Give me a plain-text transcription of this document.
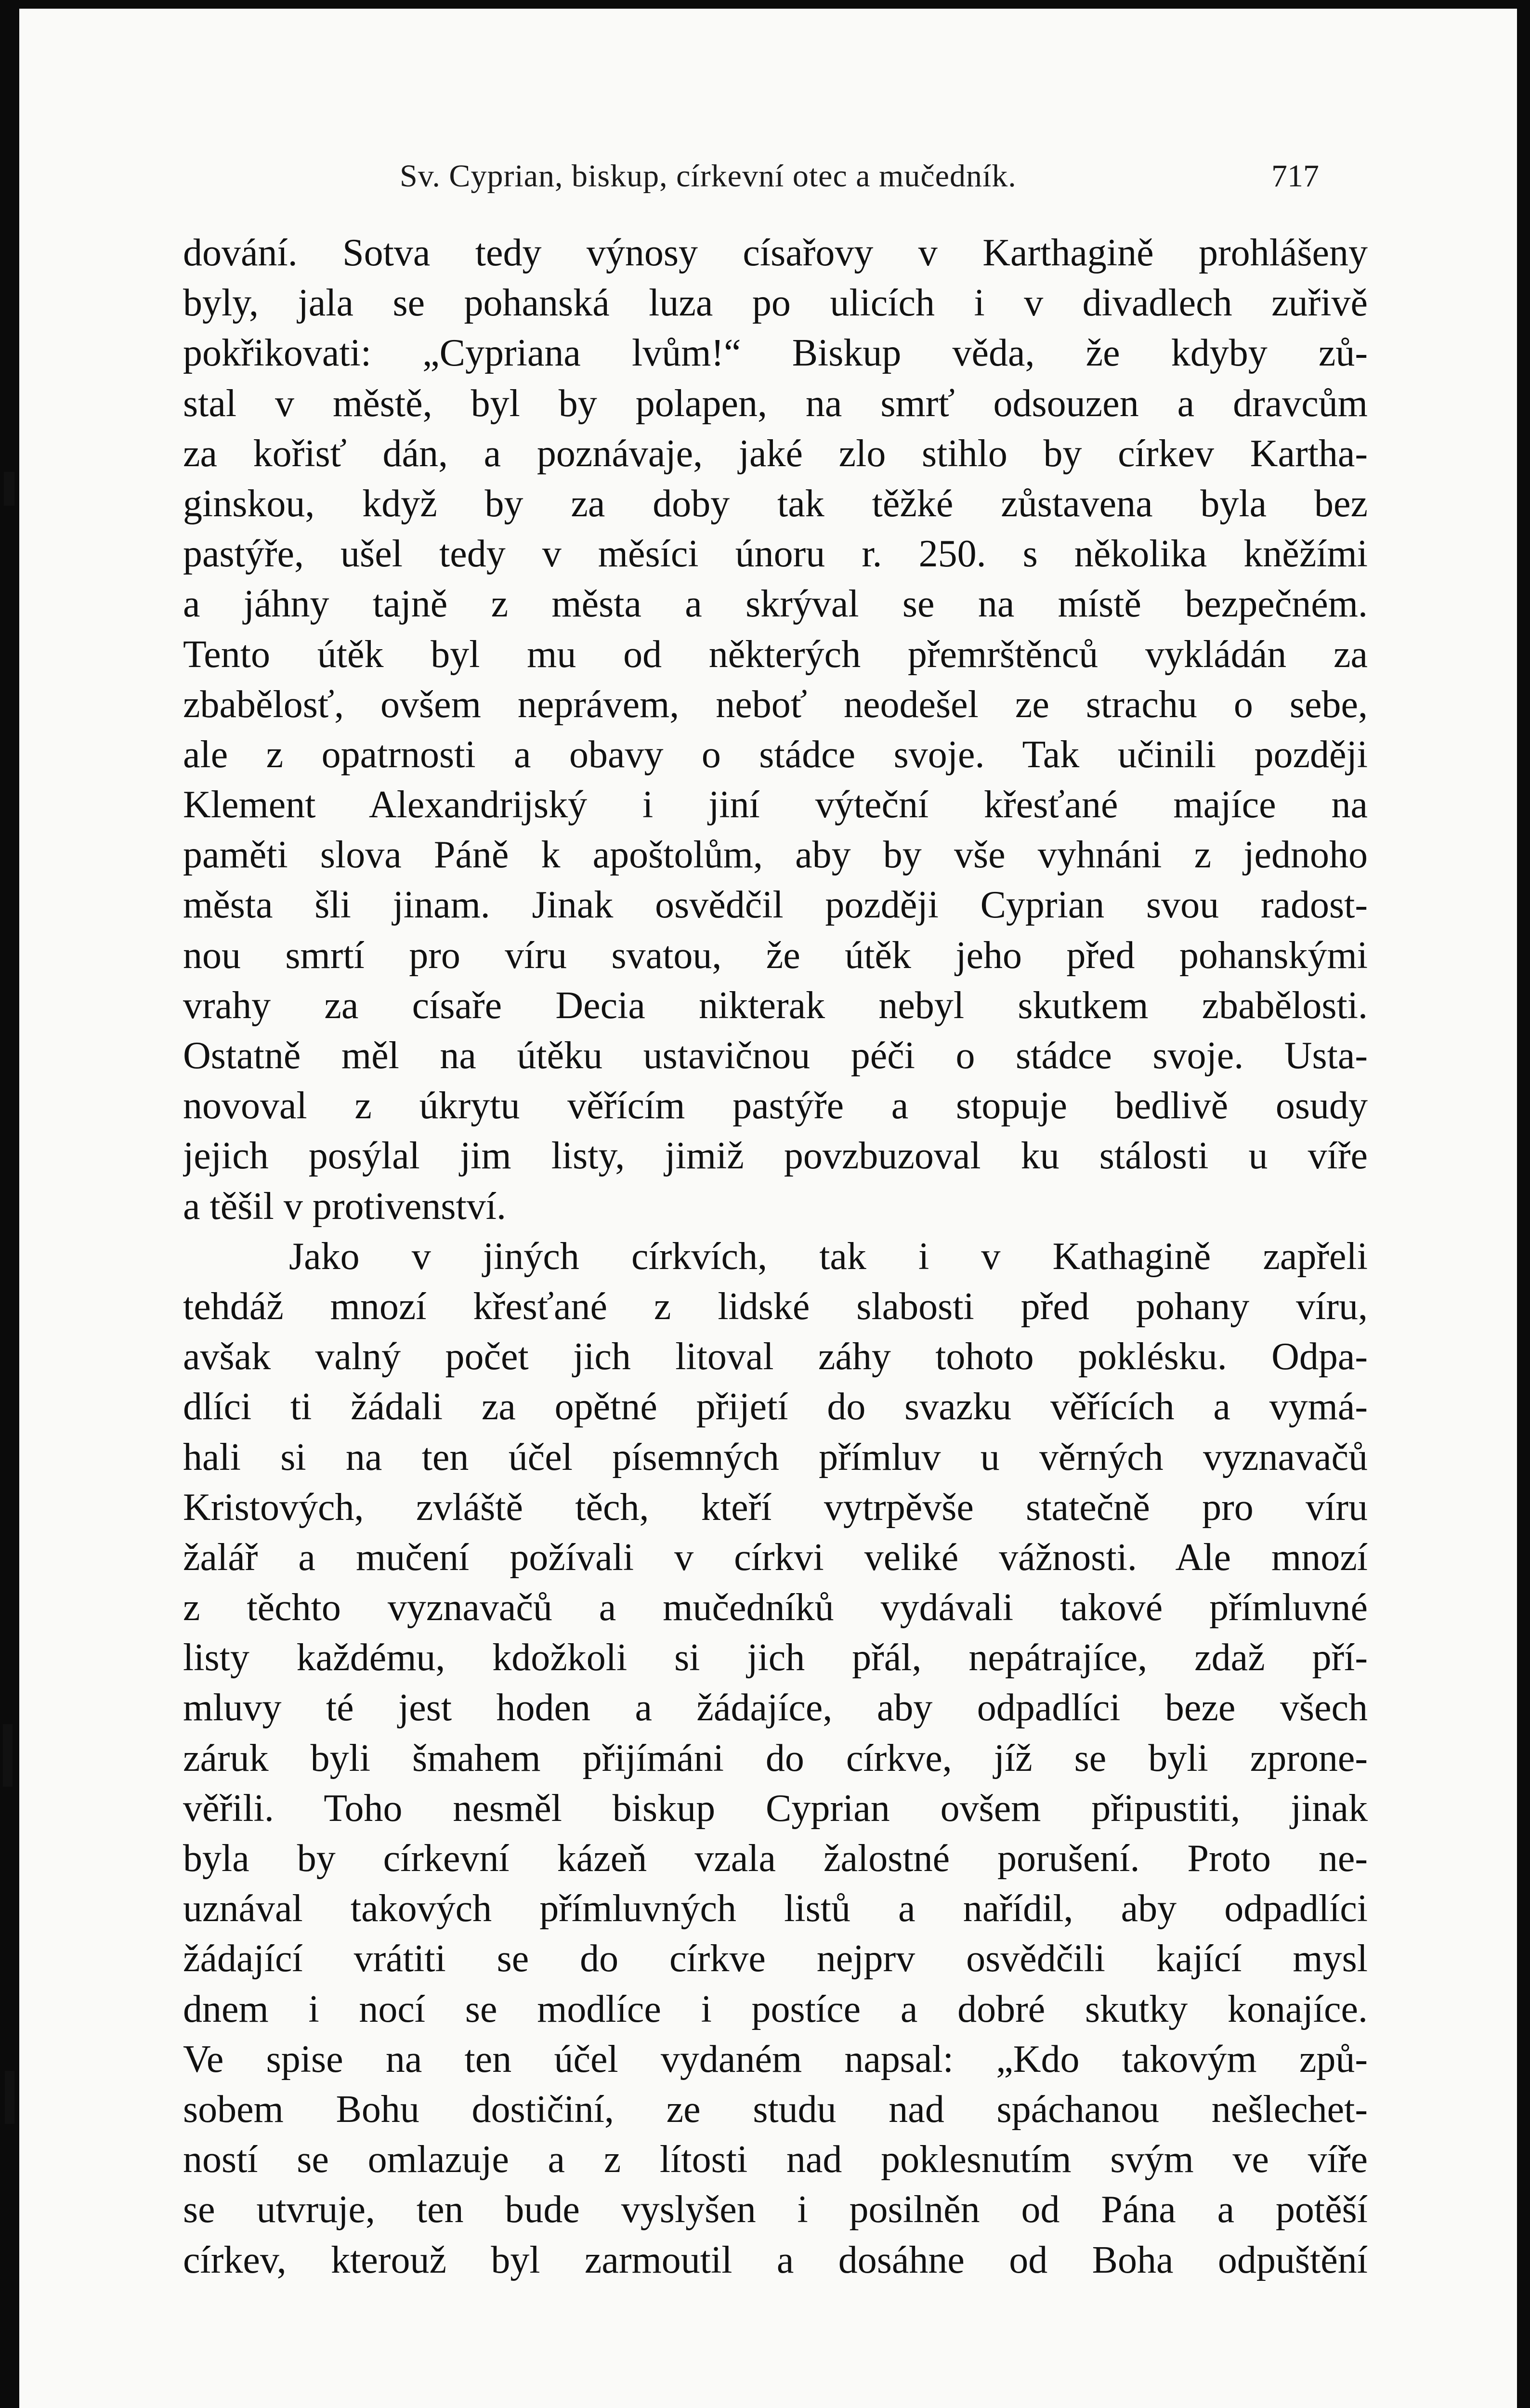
Sv. Cyprian, biskup, církevní otec a mučedník.	717
dování. Sotva tedy výnosy císařovy v Karthagině prohlášeny
byly, jala se pohanská luza po ulicích i v divadlech zuřivě
pokřikovati: „Cypriana lvům!“ Biskup věda, že kdyby zů-
stal v městě, byl by polapen, na smrť odsouzen a dravcům
za kořisť dán, a poznávaje, jaké zlo stihlo by církev Kartha-
ginskou, když by za doby tak těžké zůstavena byla bez
pastýře, ušel tedy v měsíci únoru r. 250. s několika kněžími
a jáhny tajně z města a skrýval se na místě bezpečném.
Tento útěk byl mu od některých přemrštěnců vykládán za
zbabělosť, ovšem neprávem, neboť neodešel ze strachu o sebe,
ale z opatrnosti a obavy o stádce svoje. Tak učinili později
Klement Alexandrijský i jiní výteční křesťané majíce na
paměti slova Páně k apoštolům, aby by vše vyhnáni z jednoho
města šli jinam. Jinak osvědčil později Cyprian svou radost-
nou smrtí pro víru svatou, že útěk jeho před pohanskými
vrahy za císaře Decia nikterak nebyl skutkem zbabělosti.
Ostatně měl na útěku ustavičnou péči o stádce svoje. Usta-
novoval z úkrytu věřícím pastýře a stopuje bedlivě osudy
jejich posýlal jim listy, jimiž povzbuzoval ku stálosti u víře
a těšil v protivenství.
Jako v jiných církvích, tak i v Kathagině zapřeli
tehdáž mnozí křesťané z lidské slabosti před pohany víru,
avšak valný počet jich litoval záhy tohoto poklésku. Odpa-
dlíci ti žádali za opětné přijetí do svazku věřících a vymá-
hali si na ten účel písemných přímluv u věrných vyznavačů
Kristových, zvláště těch, kteří vytrpěvše statečně pro víru
žalář a mučení požívali v církvi veliké vážnosti. Ale mnozí
z těchto vyznavačů a mučedníků vydávali takové přímluvné
listy každému, kdožkoli si jich přál, nepátrajíce, zdaž pří-
mluvy té jest hoden a žádajíce, aby odpadlíci beze všech
záruk byli šmahem přijímáni do církve, jíž se byli zprone-
věřili. Toho nesměl biskup Cyprian ovšem připustiti, jinak
byla by církevní kázeň vzala žalostné porušení. Proto ne-
uznával takových přímluvných listů a nařídil, aby odpadlíci
žádající vrátiti se do církve nejprv osvědčili kající mysl
dnem i nocí se modlíce i postíce a dobré skutky konajíce.
Ve spise na ten účel vydaném napsal: „Kdo takovým způ-
sobem Bohu dostičiní, ze studu nad spáchanou nešlechet-
ností se omlazuje a z lítosti nad poklesnutím svým ve víře
se utvruje, ten bude vyslyšen i posilněn od Pána a potěší
církev, kterouž byl zarmoutil a dosáhne od Boha odpuštění
